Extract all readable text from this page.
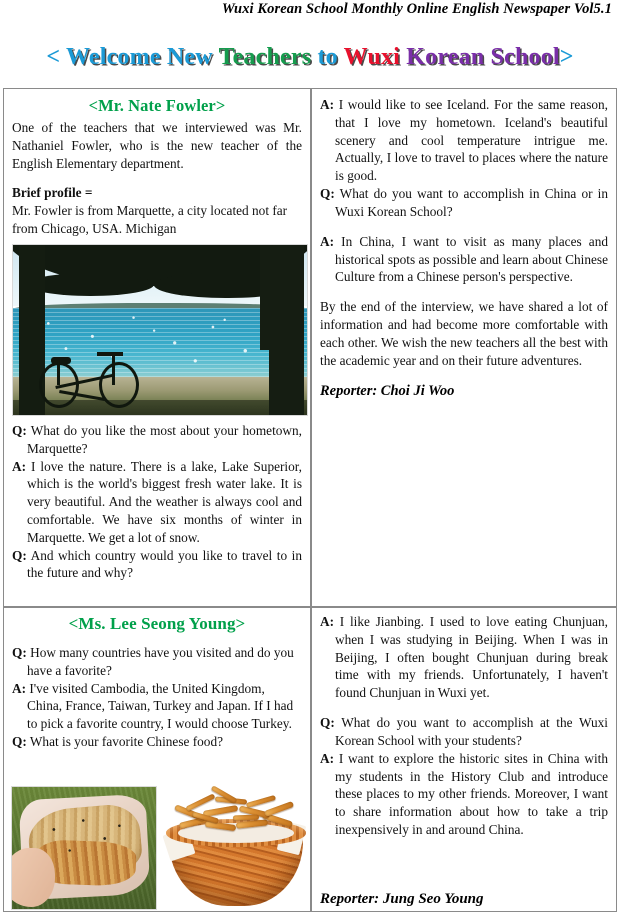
Wuxi Korean School Monthly Online English Newspaper Vol5.1
< Welcome New Teachers to Wuxi Korean School>
<Mr. Nate Fowler>

One of the teachers that we interviewed was Mr. Nathaniel Fowler, who is the new teacher of the English Elementary department.

Brief profile =

Mr. Fowler is from Marquette, a city located not far from Chicago, USA. Michigan

Q: What do you like the most about your hometown, Marquette?

A: I love the nature. There is a lake, Lake Superior, which is the world's biggest fresh water lake. It is very beautiful. And the weather is always cool and comfortable. We have six months of winter in Marquette. We get a lot of snow.

Q: And which country would you like to travel to in the future and why?

A: I would like to see Iceland. For the same reason, that I love my hometown. Iceland's beautiful scenery and cool temperature intrigue me. Actually, I love to travel to places where the nature is good.

Q: What do you want to accomplish in China or in Wuxi Korean School?

A: In China, I want to visit as many places and historical spots as possible and learn about Chinese Culture from a Chinese person's perspective.

By the end of the interview, we have shared a lot of information and had become more comfortable with each other. We wish the new teachers all the best with the academic year and on their future adventures.

Reporter: Choi Ji Woo
<Ms. Lee Seong Young>

Q: How many countries have you visited and do you have a favorite?

A: I've visited Cambodia, the United Kingdom, China, France, Taiwan, Turkey and Japan. If I had to pick a favorite country, I would choose Turkey.

Q: What is your favorite Chinese food?

A: I like Jianbing. I used to love eating Chunjuan, when I was studying in Beijing. When I was in Beijing, I often bought Chunjuan during break time with my friends. Unfortunately, I haven't found Chunjuan in Wuxi yet.

Q: What do you want to accomplish at the Wuxi Korean School with your students?

A: I want to explore the historic sites in China with my students in the History Club and introduce these places to my other friends. Moreover, I want to share information about how to take a trip inexpensively in and around China.

Reporter: Jung Seo Young
